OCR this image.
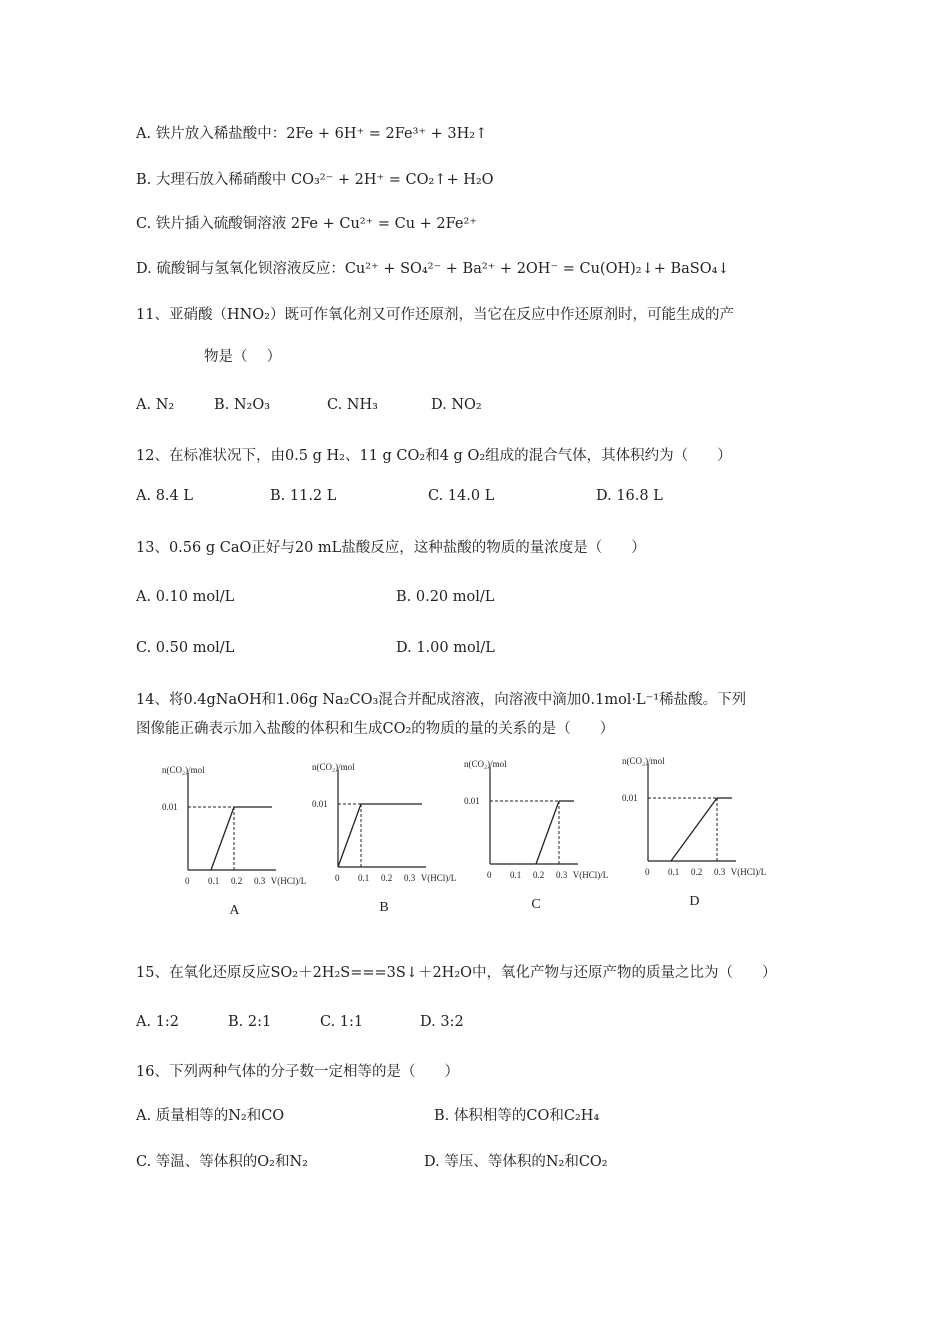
A. 铁片放入稀盐酸中：2Fe + 6H⁺ = 2Fe³⁺ + 3H₂↑
B. 大理石放入稀硝酸中 CO₃²⁻ + 2H⁺ = CO₂↑+ H₂O
C. 铁片插入硫酸铜溶液 2Fe + Cu²⁺ = Cu + 2Fe²⁺
D. 硫酸铜与氢氧化钡溶液反应：Cu²⁺ + SO₄²⁻ + Ba²⁺ + 2OH⁻ = Cu(OH)₂↓+ BaSO₄↓
11、亚硝酸（HNO₂）既可作氧化剂又可作还原剂，当它在反应中作还原剂时，可能生成的产
物是（　 ）
A. N₂	B. N₂O₃	C. NH₃	D. NO₂
12、在标准状况下，由0.5 g H₂、11 g CO₂和4 g O₂组成的混合气体，其体积约为（　　）
A. 8.4 L	B. 11.2 L	C. 14.0 L	D. 16.8 L
13、0.56 g CaO正好与20 mL盐酸反应，这种盐酸的物质的量浓度是（　　）
A. 0.10 mol/L	B. 0.20 mol/L
C. 0.50 mol/L	D. 1.00 mol/L
14、将0.4gNaOH和1.06g Na₂CO₃混合并配成溶液，向溶液中滴加0.1mol·L⁻¹稀盐酸。下列
图像能正确表示加入盐酸的体积和生成CO₂的物质的量的关系的是（　　）
n(CO₂)/mol
0.01
0 0.1 0.2 0.3 V(HCl)/L
A
n(CO₂)/mol
0.01
0 0.1 0.2 0.3 V(HCl)/L
B
n(CO₂)/mol
0.01
0 0.1 0.2 0.3 V(HCl)/L
C
n(CO₂)/mol
0.01
0 0.1 0.2 0.3 V(HCl)/L
D
15、在氧化还原反应SO₂＋2H₂S===3S↓＋2H₂O中，氧化产物与还原产物的质量之比为（　　）
A. 1:2	B. 2:1	C. 1:1	D. 3:2
16、下列两种气体的分子数一定相等的是（　　）
A. 质量相等的N₂和CO	B. 体积相等的CO和C₂H₄
C. 等温、等体积的O₂和N₂	D. 等压、等体积的N₂和CO₂
